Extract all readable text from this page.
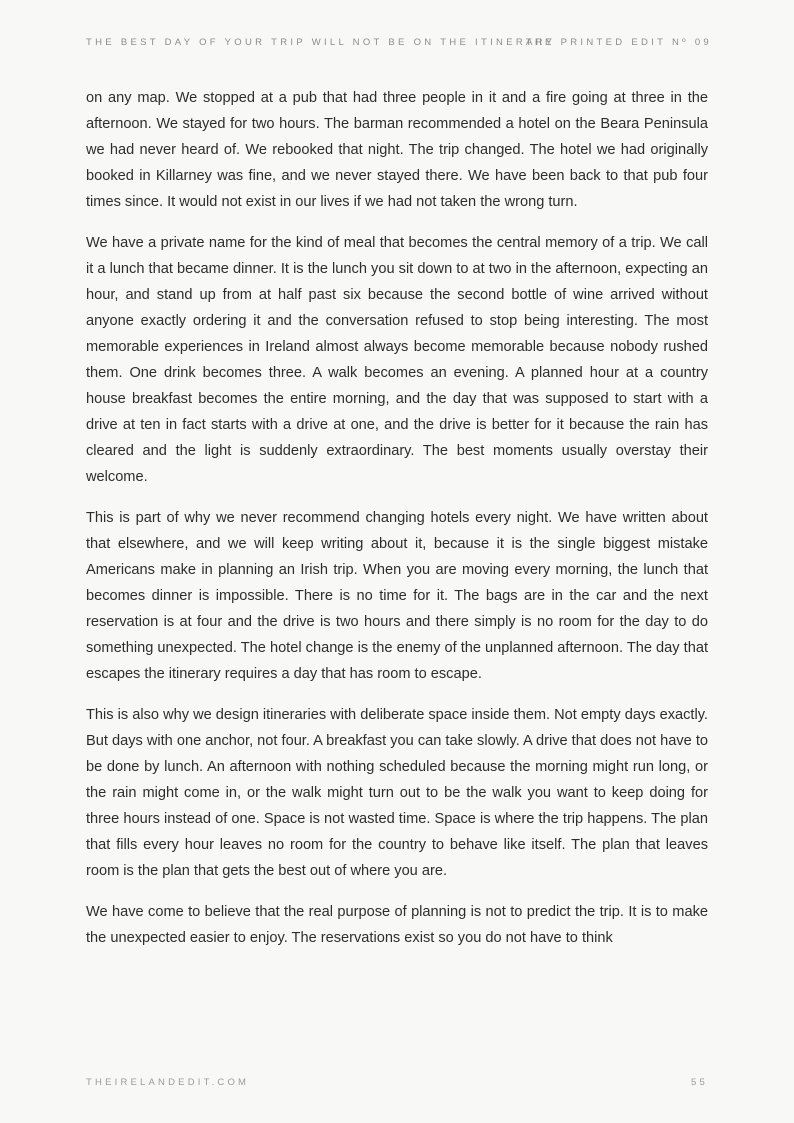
THE BEST DAY OF YOUR TRIP WILL NOT BE ON THE ITINERARY
THE PRINTED EDIT Nº 09

on any map. We stopped at a pub that had three people in it and a fire going at three in the afternoon. We stayed for two hours. The barman recommended a hotel on the Beara Peninsula we had never heard of. We rebooked that night. The trip changed. The hotel we had originally booked in Killarney was fine, and we never stayed there. We have been back to that pub four times since. It would not exist in our lives if we had not taken the wrong turn.

We have a private name for the kind of meal that becomes the central memory of a trip. We call it a lunch that became dinner. It is the lunch you sit down to at two in the afternoon, expecting an hour, and stand up from at half past six because the second bottle of wine arrived without anyone exactly ordering it and the conversation refused to stop being interesting. The most memorable experiences in Ireland almost always become memorable because nobody rushed them. One drink becomes three. A walk becomes an evening. A planned hour at a country house breakfast becomes the entire morning, and the day that was supposed to start with a drive at ten in fact starts with a drive at one, and the drive is better for it because the rain has cleared and the light is suddenly extraordinary. The best moments usually overstay their welcome.

This is part of why we never recommend changing hotels every night. We have written about that elsewhere, and we will keep writing about it, because it is the single biggest mistake Americans make in planning an Irish trip. When you are moving every morning, the lunch that becomes dinner is impossible. There is no time for it. The bags are in the car and the next reservation is at four and the drive is two hours and there simply is no room for the day to do something unexpected. The hotel change is the enemy of the unplanned afternoon. The day that escapes the itinerary requires a day that has room to escape.

This is also why we design itineraries with deliberate space inside them. Not empty days exactly. But days with one anchor, not four. A breakfast you can take slowly. A drive that does not have to be done by lunch. An afternoon with nothing scheduled because the morning might run long, or the rain might come in, or the walk might turn out to be the walk you want to keep doing for three hours instead of one. Space is not wasted time. Space is where the trip happens. The plan that fills every hour leaves no room for the country to behave like itself. The plan that leaves room is the plan that gets the best out of where you are.

We have come to believe that the real purpose of planning is not to predict the trip. It is to make the unexpected easier to enjoy. The reservations exist so you do not have to think

THEIRELANDEDIT.COM	55
